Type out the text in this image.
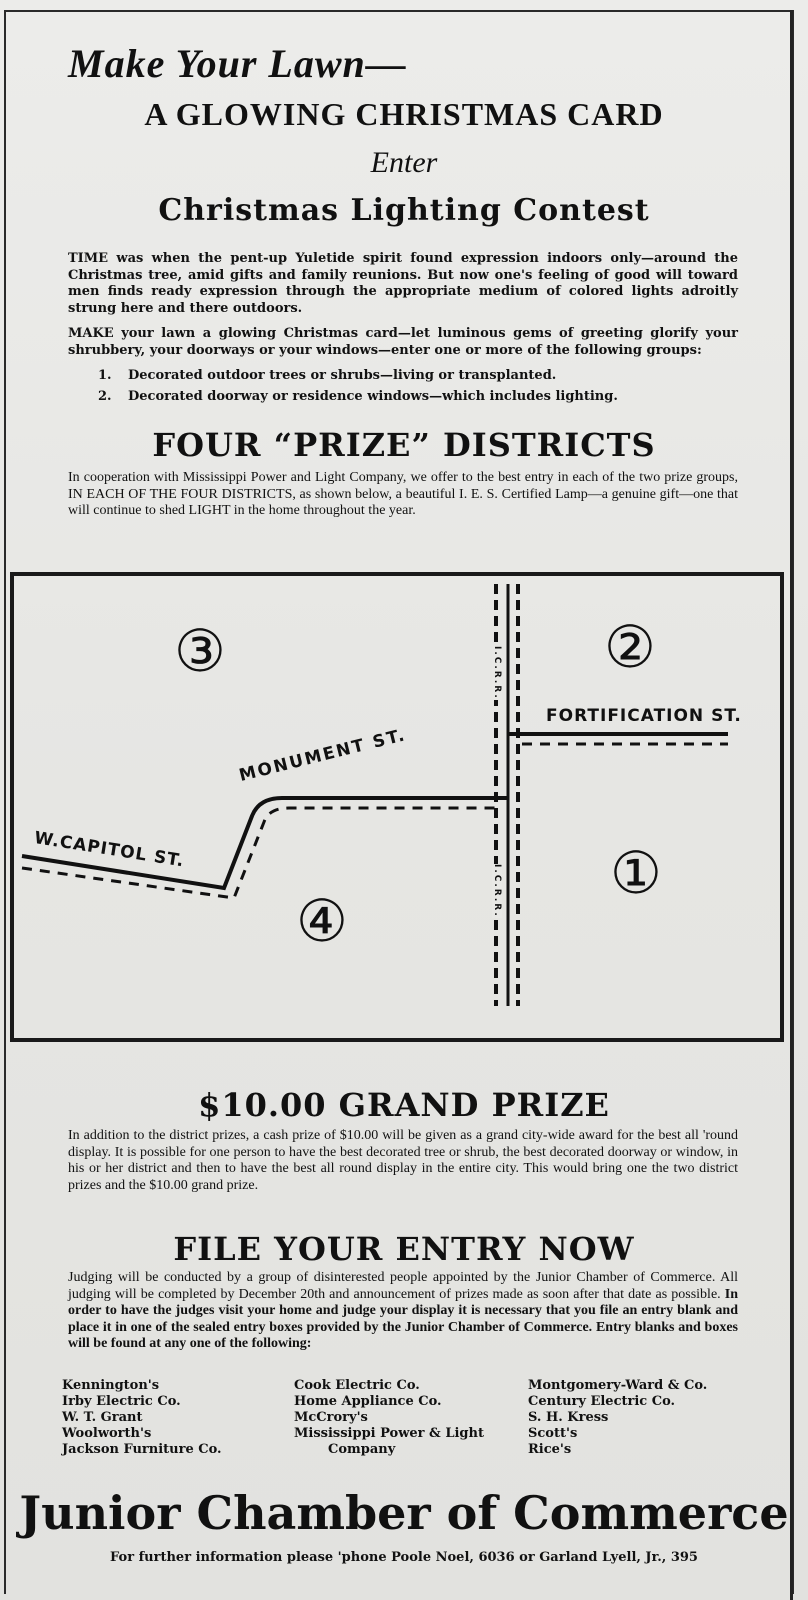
Make Your Lawn—
A GLOWING CHRISTMAS CARD
Enter
Christmas Lighting Contest
TIME was when the pent-up Yuletide spirit found expression indoors only—around the Christmas tree, amid gifts and family reunions. But now one's feeling of good will toward men finds ready expression through the appropriate medium of colored lights adroitly strung here and there outdoors.
MAKE your lawn a glowing Christmas card—let luminous gems of greeting glorify your shrubbery, your doorways or your windows—enter one or more of the following groups:
1. Decorated outdoor trees or shrubs—living or transplanted.
2. Decorated doorway or residence windows—which includes lighting.
FOUR “PRIZE” DISTRICTS
In cooperation with Mississippi Power and Light Company, we offer to the best entry in each of the two prize groups, IN EACH OF THE FOUR DISTRICTS, as shown below, a beautiful I. E. S. Certified Lamp—a genuine gift—one that will continue to shed LIGHT in the home throughout the year.
③	②
①
④
FORTIFICATION ST.
MONUMENT ST.
W.CAPITOL ST.
I.C.R.R.
I.C.R.R.
$10.00 GRAND PRIZE
In addition to the district prizes, a cash prize of $10.00 will be given as a grand city-wide award for the best all 'round display. It is possible for one person to have the best decorated tree or shrub, the best decorated doorway or window, in his or her district and then to have the best all round display in the entire city. This would bring one the two district prizes and the $10.00 grand prize.
FILE YOUR ENTRY NOW
Judging will be conducted by a group of disinterested people appointed by the Junior Chamber of Commerce. All judging will be completed by December 20th and announcement of prizes made as soon after that date as possible. In order to have the judges visit your home and judge your display it is necessary that you file an entry blank and place it in one of the sealed entry boxes provided by the Junior Chamber of Commerce. Entry blanks and boxes will be found at any one of the following:
Kennington's
Irby Electric Co.
W. T. Grant
Woolworth's
Jackson Furniture Co.
Cook Electric Co.
Home Appliance Co.
McCrory's
Mississippi Power & Light
Company
Montgomery-Ward & Co.
Century Electric Co.
S. H. Kress
Scott's
Rice's
Junior Chamber of Commerce
For further information please 'phone Poole Noel, 6036 or Garland Lyell, Jr., 395
